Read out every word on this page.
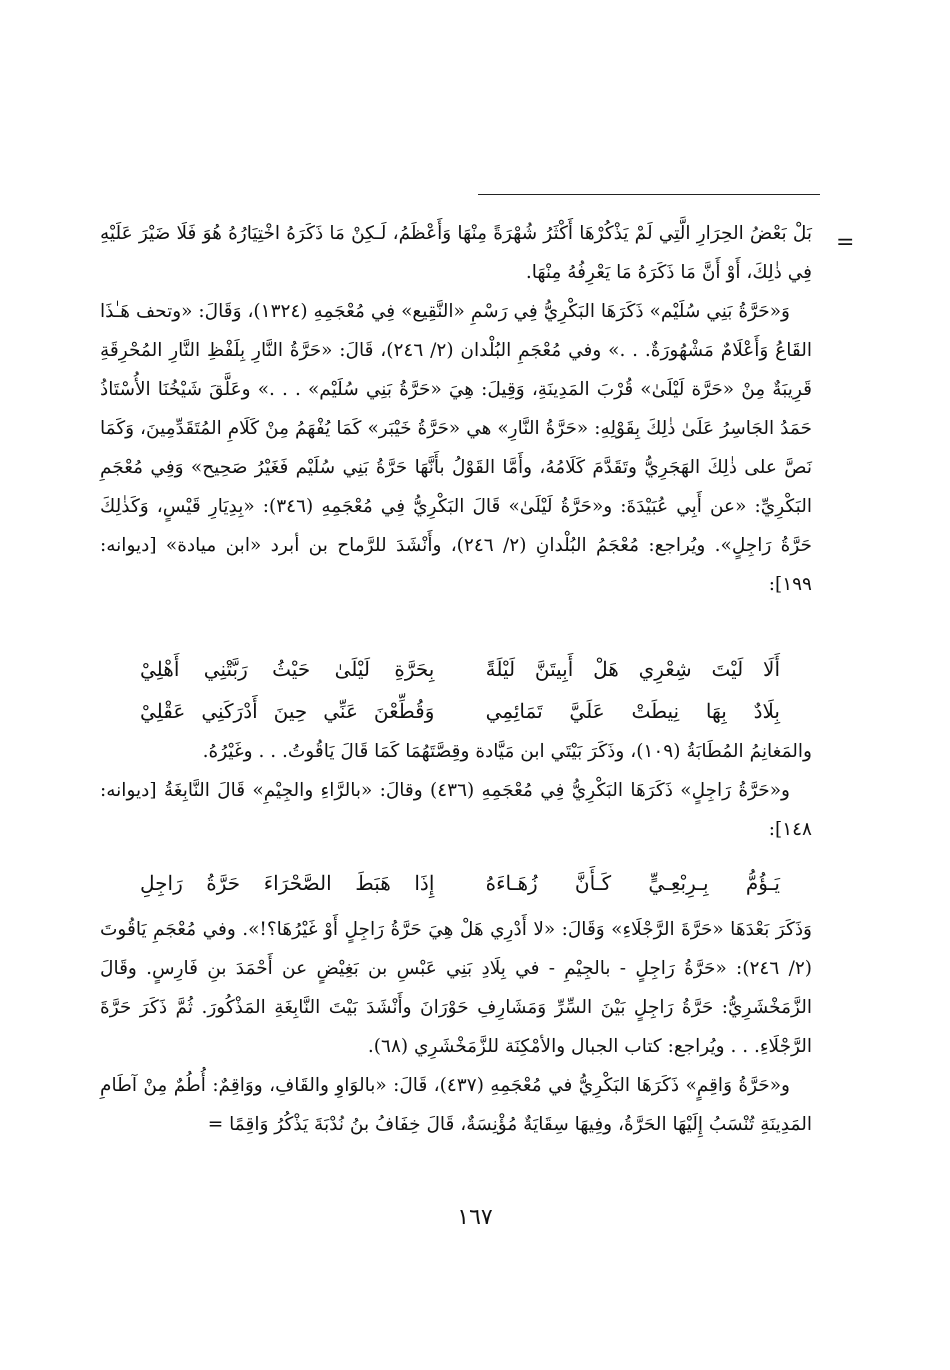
=

بَلْ بَعْضُ الحِرَارِ الَّتِي لَمْ يَذْكُرْهَا أَكْثَرُ شُهْرَةً مِنْهَا وَأَعْظَمُ، لَـكِنْ مَا ذَكَرَهُ اخْتِيَارُهُ هُوَ فَلَا ضَيْرَ عَلَيْهِ فِي ذٰلِكَ، أَوْ أَنَّ مَا ذَكَرَهُ مَا يَعْرِفُهُ مِنْهَا.

وَ«حَرَّةُ بَنِي سُلَيْم» ذَكَرَهَا البَكْرِيُّ فِي رَسْمِ «النَّقِيع» فِي مُعْجَمِهِ (١٣٢٤)، وَقَالَ: «وتحف هَـٰذَا القَاعُ وَأَعْلَامٌ مَشْهُورَةٌ. . .» وفي مُعْجَمِ البُلْدان (٢/ ٢٤٦)، قَالَ: «حَرَّةُ النَّارِ بِلَفْظِ النَّارِ المُحْرِقَةِ قَرِيبَةٌ مِنْ «حَرَّة لَيْلَىٰ» قُرْبَ المَدِينَةِ، وَقِيلَ: هِيَ «حَرَّةُ بَنِي سُلَيْم» . . .» وعَلَّقَ شَيْخُنَا الأُسْتَاذُ حَمَدُ الجَاسِرُ عَلَىٰ ذٰلِكَ بِقَوْلِهِ: «حَرَّةُ النَّارِ» هي «حَرَّةُ خَيْبَر» كَمَا يُفْهَمُ مِنْ كَلَامِ المُتَقَدِّمِينَ، وَكَمَا نَصَّ على ذٰلِكَ الهَجَرِيُّ وتَقَدَّمَ كَلَامُهُ، وأَمَّا القَوْلُ بأَنَّهَا حَرَّةُ بَنِي سُلَيْم فَغَيْرُ صَحِيح» وَفِي مُعْجَمِ البَكْرِيِّ: «عن أَبِي عُبَيْدَةَ: و«حَرَّةُ لَيْلَىٰ» قَالَ البَكْرِيُّ فِي مُعْجَمِهِ (٣٤٦): «بِدِيَارِ قَيْسٍ، وَكَذٰلِكَ حَرَّةُ رَاجِلٍ». ويُراجع: مُعْجَمُ البُلْدانِ (٢/ ٢٤٦)، وأَنْشَدَ للرَّماح بن أبرد «ابن ميادة» [ديوانه: ١٩٩]:

أَلَا لَيْتَ شِعْرِي هَلْ أَبِيتَنَّ لَيْلَةً
بِحَرَّةِ لَيْلَىٰ حَيْثُ رَبَّتْنِي أَهْلِيْ
بِلَادٌ بِهَا نِيطَتْ عَلَيَّ تَمَائِمِي
وَقُطِّعْنَ عَنِّي حِينَ أَدْرَكَنِي عَقْلِيْ

والمَغانِمُ المُطَابَةُ (١٠٩)، وذَكَرَ بَيْتَي ابن مَيَّادة وقِصَّتَهُمَا كَمَا قَالَ يَاقُوتُ. . . وغَيْرُهُ.

و«حَرَّةُ رَاجِلٍ» ذَكَرَهَا البَكْرِيُّ فِي مُعْجَمِهِ (٤٣٦) وقالَ: «بالرَّاءِ والجِيْمِ» قَالَ النَّابِغَةُ [ديوانه: ١٤٨]:

يَـؤُمُّ بِـرِبْعِـيٍّ كَـأَنَّ زُهَـاءَهُ
إِذَا هَبَطَ الصَّحْرَاءَ حَرَّةُ رَاجِلِ

وَذَكَرَ بَعْدَهَا «حَرَّةَ الرَّجْلَاءِ» وَقَالَ: «لا أَدْرِي هَلْ هِيَ حَرَّةُ رَاجِلٍ أَوْ غَيْرُهَا؟!». وفي مُعْجَمِ يَاقُوتَ (٢/ ٢٤٦): «حَرَّةُ رَاجِلٍ - بالجِيْمِ - في بِلَادِ بَنِي عَبْسِ بن بَغِيْضٍ عن أَحْمَدَ بنِ فَارِسٍ. وقَالَ الزَّمَخْشَرِيُّ: حَرَّةُ رَاجِلٍ بَيْنَ السِّرِّ وَمَشَارِفِ حَوْرَانَ وأَنْشَدَ بَيْتَ النَّابِغَةِ المَذْكُورَ. ثُمَّ ذَكَرَ حَرَّةَ الرَّجْلَاءِ. . . ويُراجع: كتاب الجبال والأمْكِنَة للزَّمَخْشَرِي (٦٨).

و«حَرَّةُ وَاقِمٍ» ذَكَرَهَا البَكْرِيُّ في مُعْجَمِهِ (٤٣٧)، قَالَ: «بالوَاوِ والقَافِ، ووَاقِمٌ: أُطُمٌ مِنْ آطَامِ المَدِينَةِ تُنْسَبُ إِلَيْهَا الحَرَّةُ، وفِيهَا سِقَايَةٌ مُؤْنِسَةٌ، قَالَ خِفَافُ بنُ نُدْبَةَ يَذْكُرُ وَاقِمًا =

١٦٧
